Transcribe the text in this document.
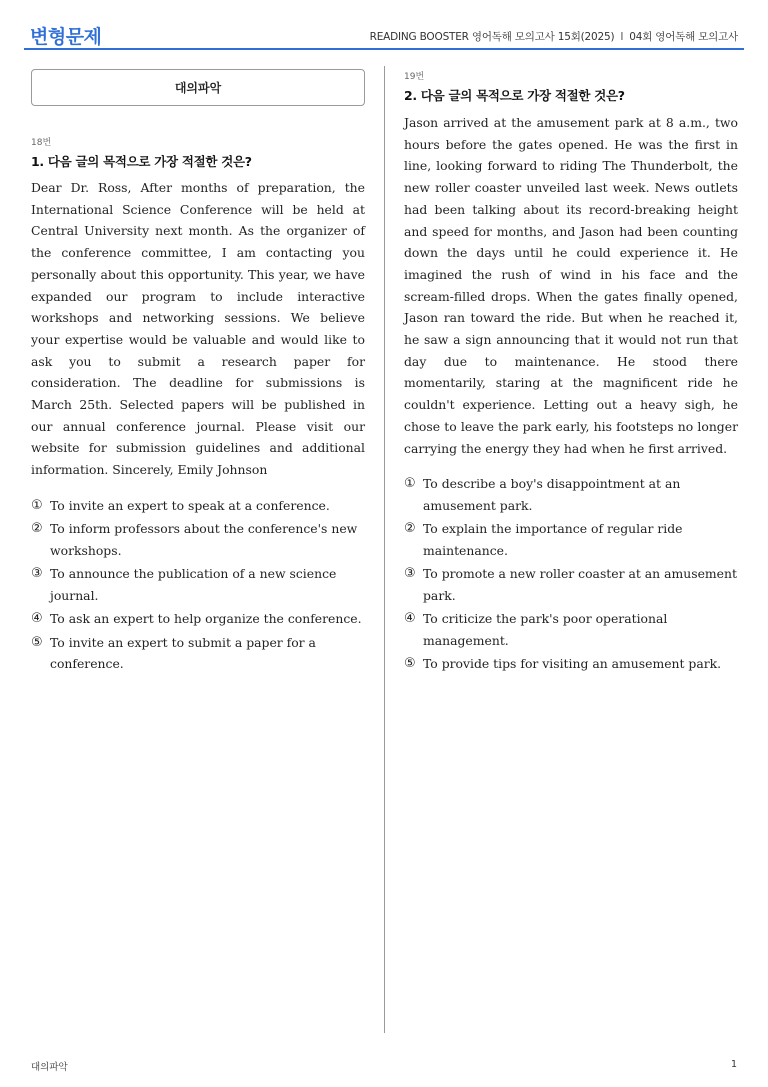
변형문제	READING BOOSTER 영어독해 모의고사 15회(2025) I 04회 영어독해 모의고사
대의파악
18번
1. 다음 글의 목적으로 가장 적절한 것은?

Dear Dr. Ross, After months of preparation, the International Science Conference will be held at Central University next month. As the organizer of the conference committee, I am contacting you personally about this opportunity. This year, we have expanded our program to include interactive workshops and networking sessions. We believe your expertise would be valuable and would like to ask you to submit a research paper for consideration. The deadline for submissions is March 25th. Selected papers will be published in our annual conference journal. Please visit our website for submission guidelines and additional information. Sincerely, Emily Johnson

① To invite an expert to speak at a conference.
② To inform professors about the conference's new workshops.
③ To announce the publication of a new science journal.
④ To ask an expert to help organize the conference.
⑤ To invite an expert to submit a paper for a conference.
19번
2. 다음 글의 목적으로 가장 적절한 것은?

Jason arrived at the amusement park at 8 a.m., two hours before the gates opened. He was the first in line, looking forward to riding The Thunderbolt, the new roller coaster unveiled last week. News outlets had been talking about its record-breaking height and speed for months, and Jason had been counting down the days until he could experience it. He imagined the rush of wind in his face and the scream-filled drops. When the gates finally opened, Jason ran toward the ride. But when he reached it, he saw a sign announcing that it would not run that day due to maintenance. He stood there momentarily, staring at the magnificent ride he couldn't experience. Letting out a heavy sigh, he chose to leave the park early, his footsteps no longer carrying the energy they had when he first arrived.

① To describe a boy's disappointment at an amusement park.
② To explain the importance of regular ride maintenance.
③ To promote a new roller coaster at an amusement park.
④ To criticize the park's poor operational management.
⑤ To provide tips for visiting an amusement park.
대의파악	1
